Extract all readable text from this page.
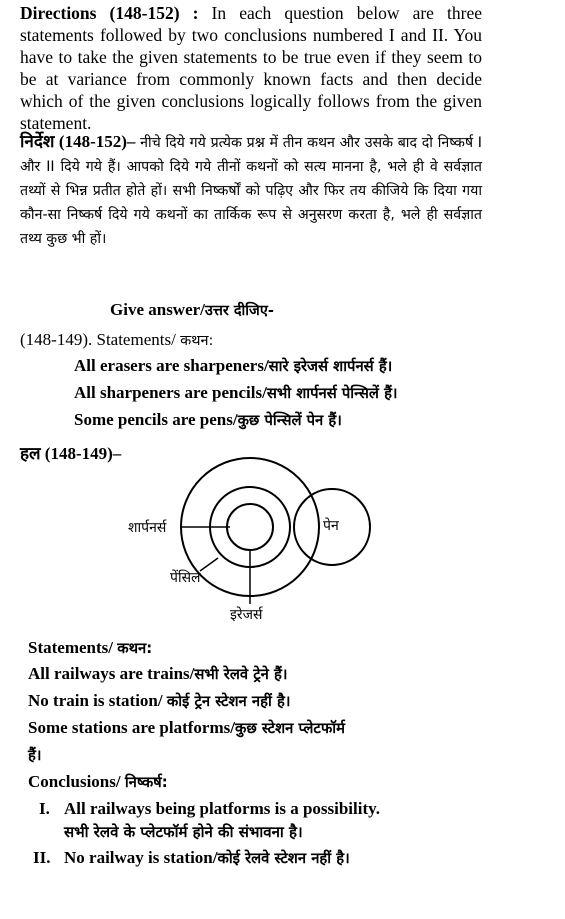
Directions (148-152) : In each question below are three statements followed by two conclusions numbered I and II. You have to take the given statements to be true even if they seem to be at variance from commonly known facts and then decide which of the given conclusions logically follows from the given statement.
निर्देश (148-152)– नीचे दिये गये प्रत्येक प्रश्न में तीन कथन और उसके बाद दो निष्कर्ष I और II दिये गये हैं। आपको दिये गये तीनों कथनों को सत्य मानना है, भले ही वे सर्वज्ञात तथ्यों से भिन्न प्रतीत होते हों। सभी निष्कर्षों को पढ़िए और फिर तय कीजिये कि दिया गया कौन-सा निष्कर्ष दिये गये कथनों का तार्किक रूप से अनुसरण करता है, भले ही सर्वज्ञात तथ्य कुछ भी हों।
Give answer/उत्तर दीजिए-
(148-149). Statements/ कथन:
All erasers are sharpeners/सारे इरेजर्स शार्पनर्स हैं।
All sharpeners are pencils/सभी शार्पनर्स पेन्सिलें हैं।
Some pencils are pens/कुछ पेन्सिलें पेन हैं।
हल (148-149)–
शार्पनर्स
पेंसिल
इरेजर्स
पेन
Statements/ कथन:
All railways are trains/सभी रेलवे ट्रेने हैं।
No train is station/ कोई ट्रेन स्टेशन नहीं है।
Some stations are platforms/कुछ स्टेशन प्लेटफॉर्म
हैं।
Conclusions/ निष्कर्ष:
I. All railways being platforms is a possibility.
सभी रेलवे के प्लेटफॉर्म होने की संभावना है।
II. No railway is station/कोई रेलवे स्टेशन नहीं है।
